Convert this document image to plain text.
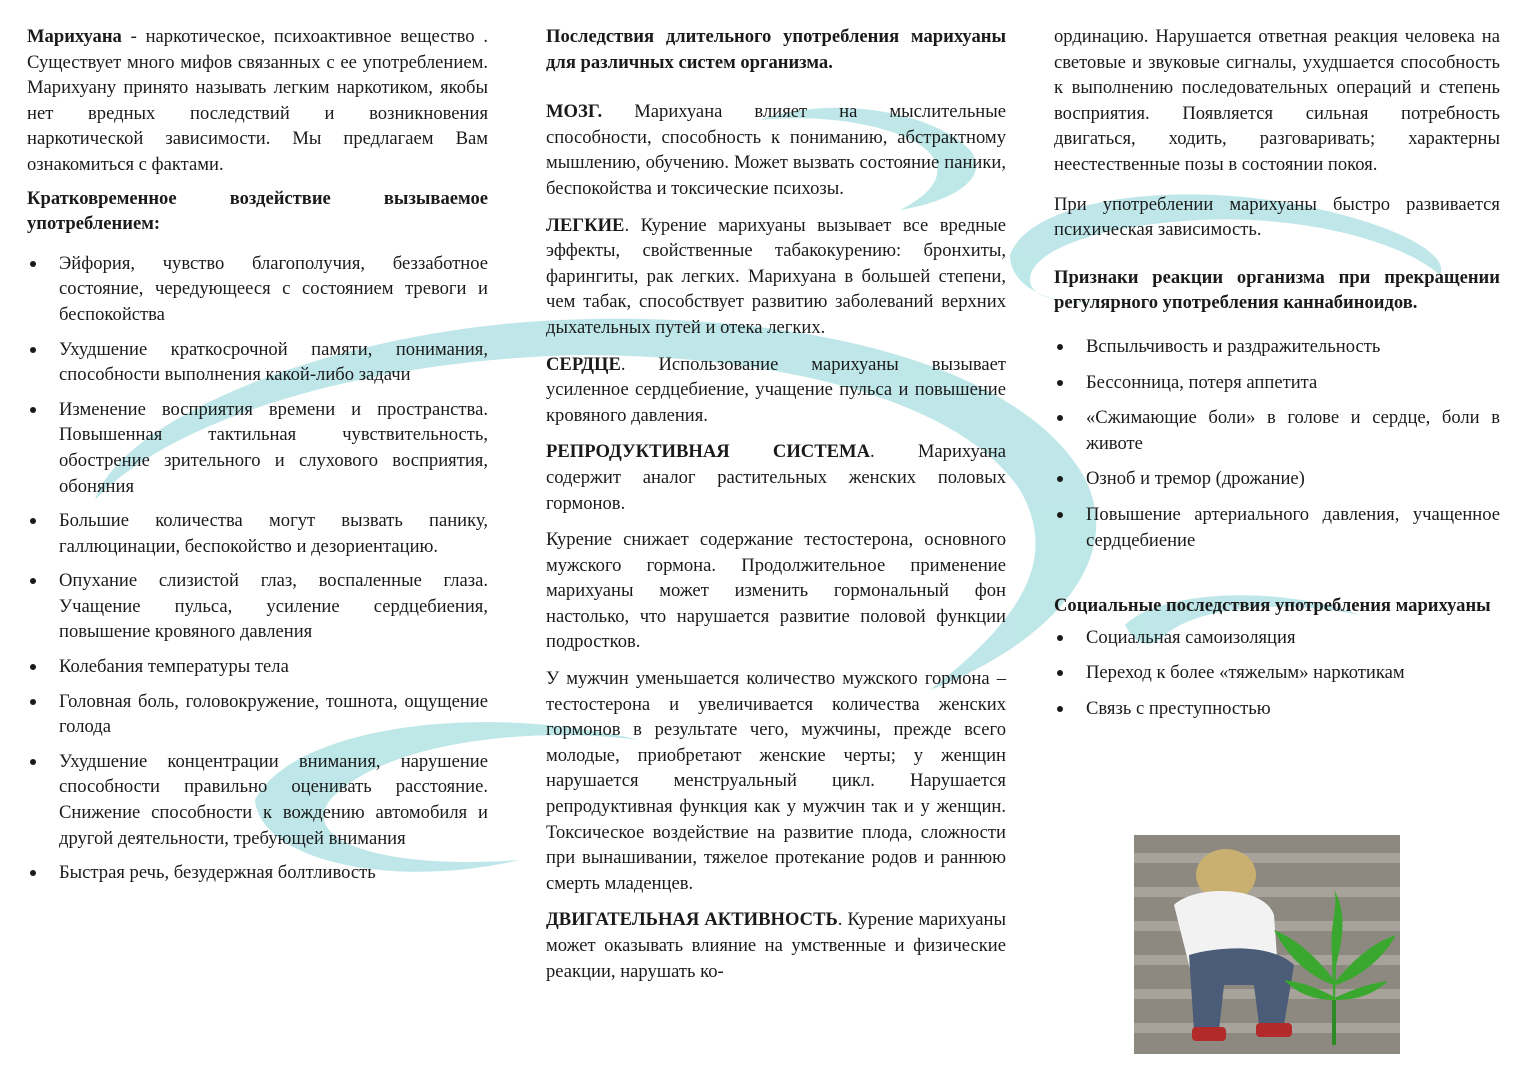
Марихуана - наркотическое, психоактивное вещество . Существует много мифов связанных с ее употреблением. Марихуану принято называть легким наркотиком, якобы нет вредных последствий и возникновения наркотической зависимости. Мы предлагаем Вам ознакомиться с фактами.

Кратковременное воздействие вызываемое употреблением:
Эйфория, чувство благополучия, беззаботное состояние, чередующееся с состоянием тревоги и беспокойства
Ухудшение краткосрочной памяти, понимания, способности выполнения какой-либо задачи
Изменение восприятия времени и пространства. Повышенная тактильная чувствительность, обострение зрительного и слухового восприятия, обоняния
Большие количества могут вызвать панику, галлюцинации, беспокойство и дезориентацию.
Опухание слизистой глаз, воспаленные глаза. Учащение пульса, усиление сердцебиения, повышение кровяного давления
Колебания температуры тела
Головная боль, головокружение, тошнота, ощущение голода
Ухудшение концентрации внимания, нарушение способности правильно оценивать расстояние. Снижение способности к вождению автомобиля и другой деятельности, требующей внимания
Быстрая речь, безудержная болтливость
Последствия длительного употребления марихуаны для различных систем организма.

МОЗГ. Марихуана влияет на мыслительные способности, способность к пониманию, абстрактному мышлению, обучению. Может вызвать состояние паники, беспокойства и токсические психозы.

ЛЕГКИЕ. Курение марихуаны вызывает все вредные эффекты, свойственные табакокурению: бронхиты, фарингиты, рак легких. Марихуана в большей степени, чем табак, способствует развитию заболеваний верхних дыхательных путей и отека легких.

СЕРДЦЕ. Использование марихуаны вызывает усиленное сердцебиение, учащение пульса и повышение кровяного давления.

РЕПРОДУКТИВНАЯ СИСТЕМА. Марихуана содержит аналог растительных женских половых гормонов.

Курение снижает содержание тестостерона, основного мужского гормона. Продолжительное применение марихуаны может изменить гормональный фон настолько, что нарушается развитие половой функции подростков.

У мужчин уменьшается количество мужского гормона – тестостерона и увеличивается количества женских гормонов в результате чего, мужчины, прежде всего молодые, приобретают женские черты; у женщин нарушается менструальный цикл. Нарушается репродуктивная функция как у мужчин так и у женщин. Токсическое воздействие на развитие плода, сложности при вынашивании, тяжелое протекание родов и раннюю смерть младенцев.

ДВИГАТЕЛЬНАЯ АКТИВНОСТЬ. Курение марихуаны может оказывать влияние на умственные и физические реакции, нарушать ко-

ординацию. Нарушается ответная реакция человека на световые и звуковые сигналы, ухудшается способность к выполнению последовательных операций и степень восприятия. Появляется сильная потребность двигаться, ходить, разговаривать; характерны неестественные позы в состоянии покоя.

При употреблении марихуаны быстро развивается психическая зависимость.

Признаки реакции организма при прекращении регулярного употребления каннабиноидов.
Вспыльчивость и раздражительность
Бессонница, потеря аппетита
«Сжимающие боли» в голове и сердце, боли в животе
Озноб и тремор (дрожание)
Повышение артериального давления, учащенное сердцебиение
Социальные последствия употребления марихуаны
Социальная самоизоляция
Переход к более «тяжелым» наркотикам
Связь с преступностью
